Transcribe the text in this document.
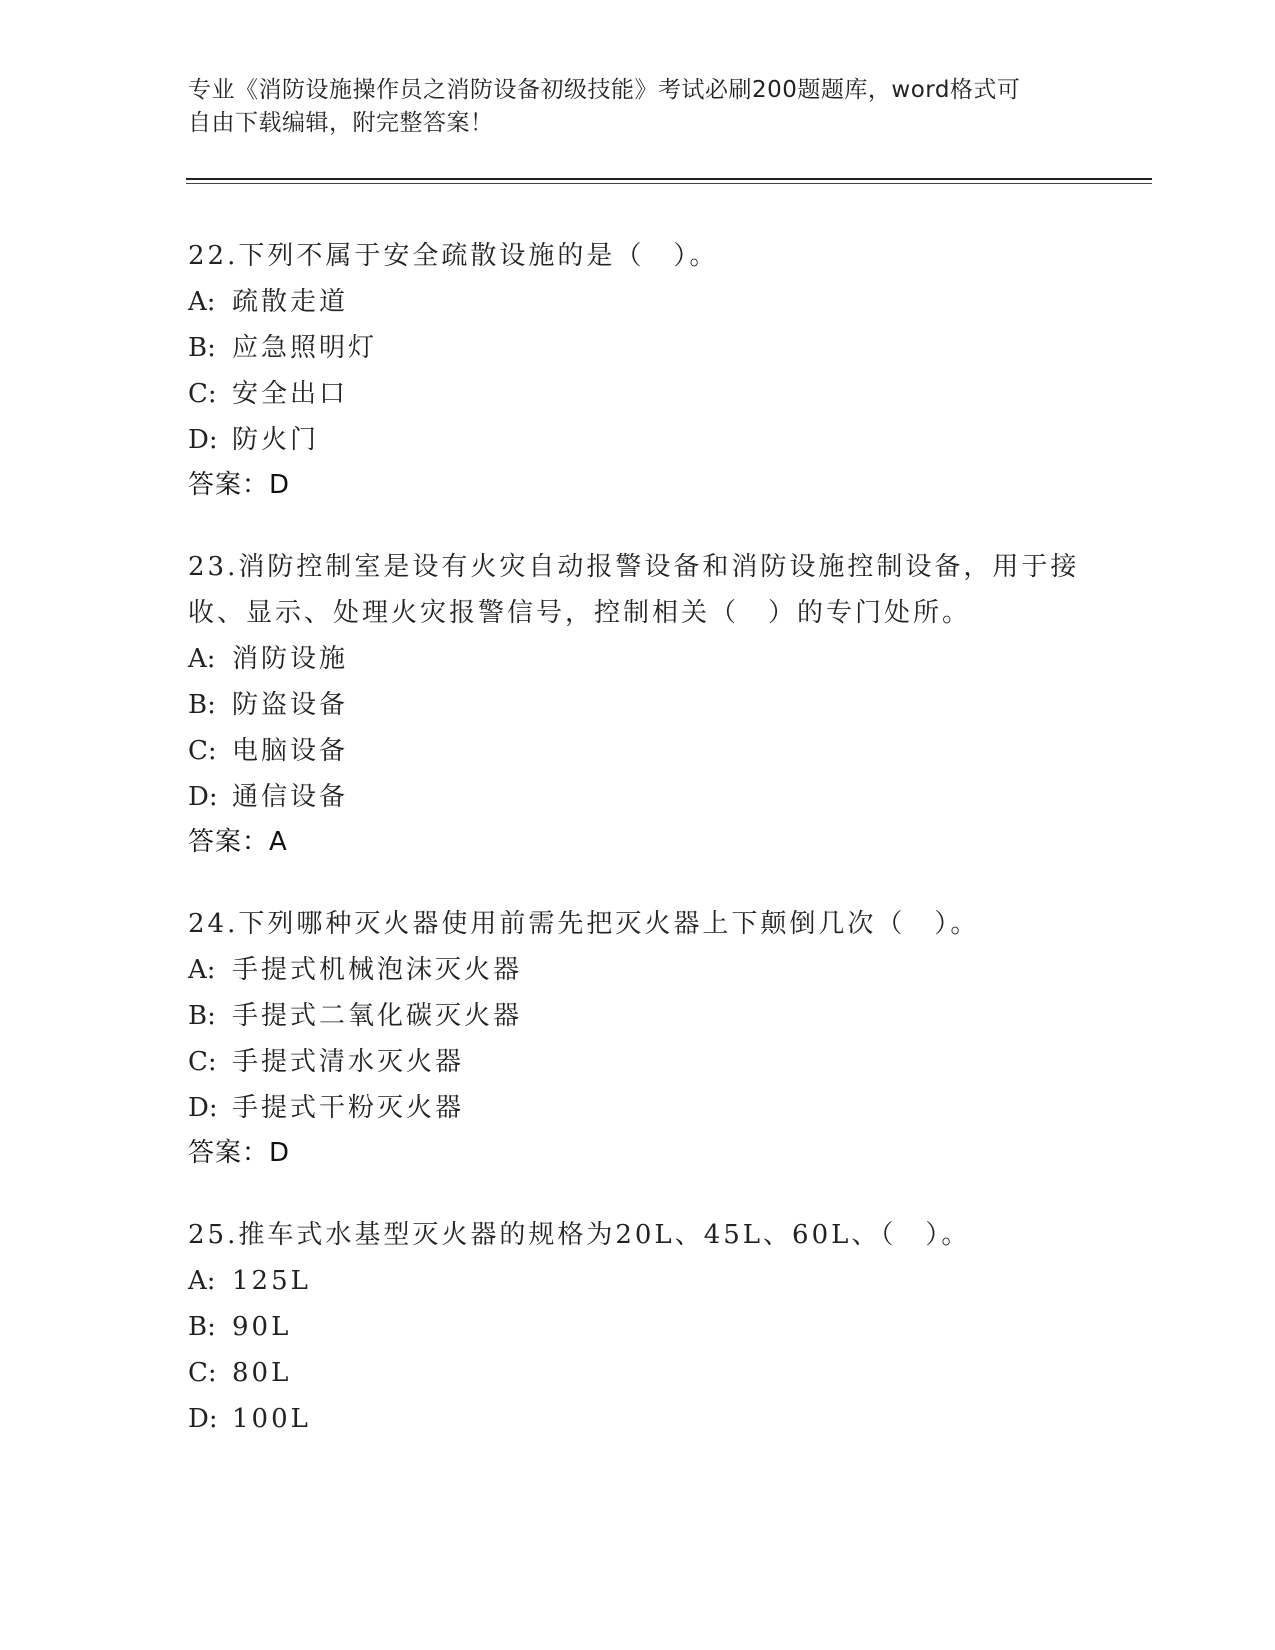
专业《消防设施操作员之消防设备初级技能》考试必刷200题题库，word格式可
自由下载编辑，附完整答案！
22.下列不属于安全疏散设施的是（　）。
A: 疏散走道
B: 应急照明灯
C: 安全出口
D: 防火门
答案：D
23.消防控制室是设有火灾自动报警设备和消防设施控制设备，用于接
收、显示、处理火灾报警信号，控制相关（　）的专门处所。
A: 消防设施
B: 防盗设备
C: 电脑设备
D: 通信设备
答案：A
24.下列哪种灭火器使用前需先把灭火器上下颠倒几次（　）。
A: 手提式机械泡沫灭火器
B: 手提式二氧化碳灭火器
C: 手提式清水灭火器
D: 手提式干粉灭火器
答案：D
25.推车式水基型灭火器的规格为20L、45L、60L、（　）。
A: 125L
B: 90L
C: 80L
D: 100L
